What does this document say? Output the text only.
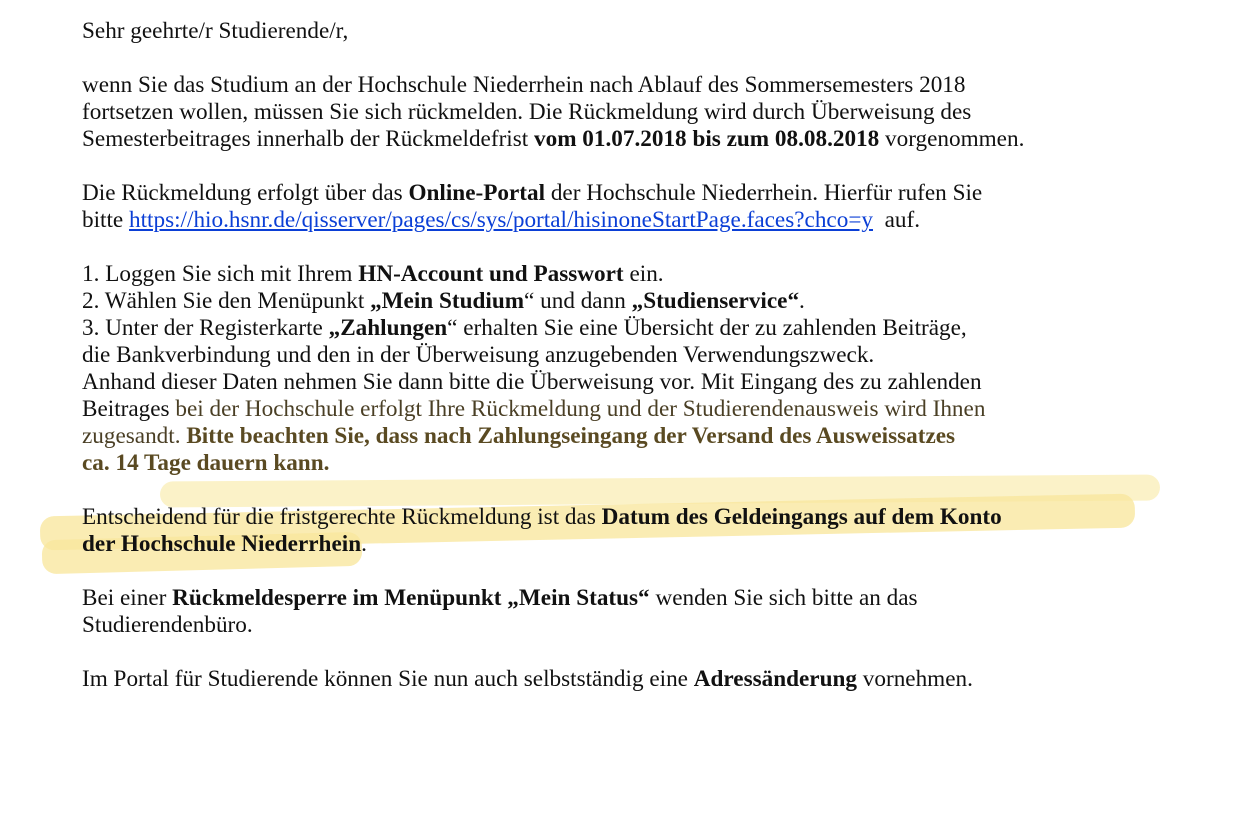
Sehr geehrte/r Studierende/r,

wenn Sie das Studium an der Hochschule Niederrhein nach Ablauf des Sommersemesters 2018
fortsetzen wollen, müssen Sie sich rückmelden. Die Rückmeldung wird durch Überweisung des
Semesterbeitrages innerhalb der Rückmeldefrist vom 01.07.2018 bis zum 08.08.2018 vorgenommen.

Die Rückmeldung erfolgt über das Online-Portal der Hochschule Niederrhein. Hierfür rufen Sie
bitte https://hio.hsnr.de/qisserver/pages/cs/sys/portal/hisinoneStartPage.faces?chco=y  auf.

1. Loggen Sie sich mit Ihrem HN-Account und Passwort ein.
2. Wählen Sie den Menüpunkt „Mein Studium“ und dann „Studienservice“.
3. Unter der Registerkarte „Zahlungen“ erhalten Sie eine Übersicht der zu zahlenden Beiträge,
die Bankverbindung und den in der Überweisung anzugebenden Verwendungszweck.
Anhand dieser Daten nehmen Sie dann bitte die Überweisung vor. Mit Eingang des zu zahlenden
Beitrages bei der Hochschule erfolgt Ihre Rückmeldung und der Studierendenausweis wird Ihnen
zugesandt. Bitte beachten Sie, dass nach Zahlungseingang der Versand des Ausweissatzes
ca. 14 Tage dauern kann.

Entscheidend für die fristgerechte Rückmeldung ist das Datum des Geldeingangs auf dem Konto
der Hochschule Niederrhein.

Bei einer Rückmeldesperre im Menüpunkt „Mein Status“ wenden Sie sich bitte an das
Studierendenbüro.

Im Portal für Studierende können Sie nun auch selbstständig eine Adressänderung vornehmen.
